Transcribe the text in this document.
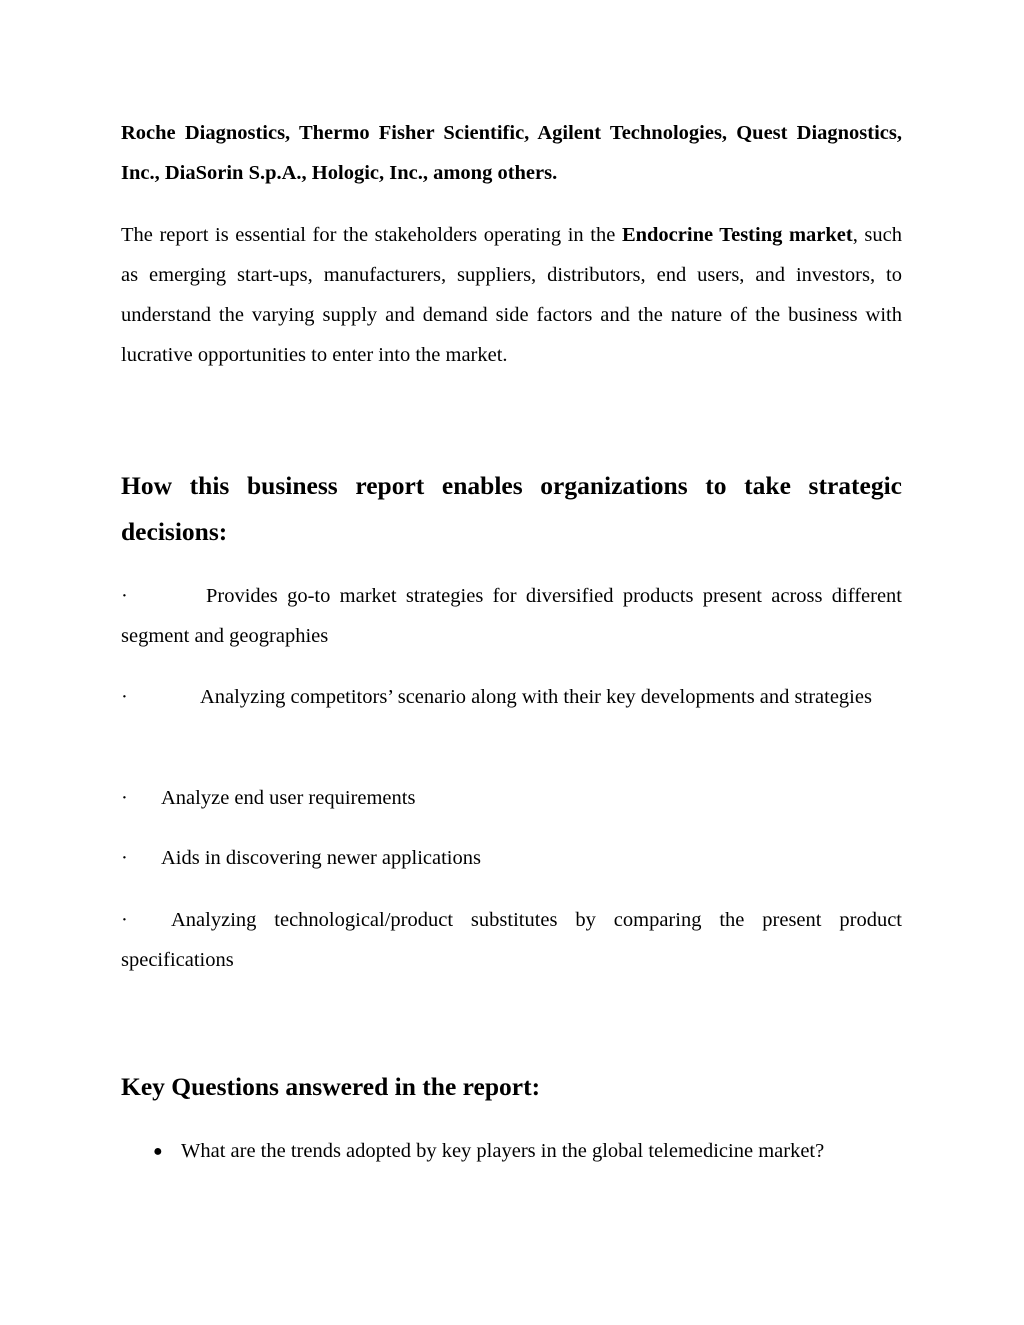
Roche Diagnostics, Thermo Fisher Scientific, Agilent Technologies, Quest Diagnostics, Inc., DiaSorin S.p.A., Hologic, Inc., among others.

The report is essential for the stakeholders operating in the Endocrine Testing market, such as emerging start-ups, manufacturers, suppliers, distributors, end users, and investors, to understand the varying supply and demand side factors and the nature of the business with lucrative opportunities to enter into the market.

How this business report enables organizations to take strategic decisions:

·	Provides go-to market strategies for diversified products present across different segment and geographies

·	Analyzing competitors’ scenario along with their key developments and strategies

· Analyze end user requirements

· Aids in discovering newer applications

· Analyzing technological/product substitutes by comparing the present product specifications

Key Questions answered in the report:

● What are the trends adopted by key players in the global telemedicine market?
